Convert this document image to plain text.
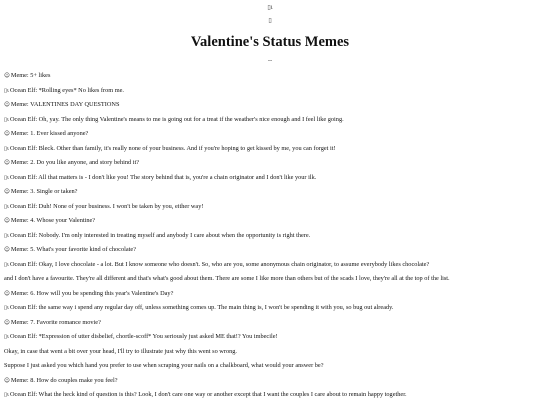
▯ι
▯
Valentine's Status Memes
--

☺Meme: 5+ likes

▯ιOcean Elf: *Rolling eyes* No likes from me.

☺Meme: VALENTINES DAY QUESTIONS

▯ιOcean Elf: Oh, yay. The only thing Valentine's means to me is going out for a treat if the weather's nice enough and I feel like going.

☺Meme: 1. Ever kissed anyone?

▯ιOcean Elf: Bleck. Other than family, it's really none of your business. And if you're hoping to get kissed by me, you can forget it!

☺Meme: 2. Do you like anyone, and story behind it?

▯ιOcean Elf: All that matters is - I don't like you! The story behind that is, you're a chain originator and I don't like your ilk.

☺Meme: 3. Single or taken?

▯ιOcean Elf: Duh! None of your business. I won't be taken by you, either way!

☺Meme: 4. Whose your Valentine?

▯ιOcean Elf: Nobody. I'm only interested in treating myself and anybody I care about when the opportunity is right there.

☺Meme: 5. What's your favorite kind of chocolate?

▯ιOcean Elf: Okay, I love chocolate - a lot. But I know someone who doesn't. So, who are you, some anonymous chain originator, to assume everybody likes chocolate?

and I don't have a favourite. They're all different and that's what's good about them. There are some I like more than others but of the scads I love, they're all at the top of the list.

☺Meme: 6. How will you be spending this year's Valentine's Day?

▯ιOcean Elf: the same way i spend any regular day off, unless something comes up. The main thing is, I won't be spending it with you, so bug out already.

☺Meme: 7. Favorite romance movie?

▯ιOcean Elf: *Expression of utter disbelief, chortle-scoff* You seriously just asked ME that!? You imbecile!

Okay, in case that went a bit over your head, I'll try to illustrate just why this went so wrong.

Suppose I just asked you which hand you prefer to use when scraping your nails on a chalkboard, what would your answer be?

☺Meme: 8. How do couples make you feel?

▯ιOcean Elf: What the heck kind of question is this? Look, I don't care one way or another except that I want the couples I care about to remain happy together.
